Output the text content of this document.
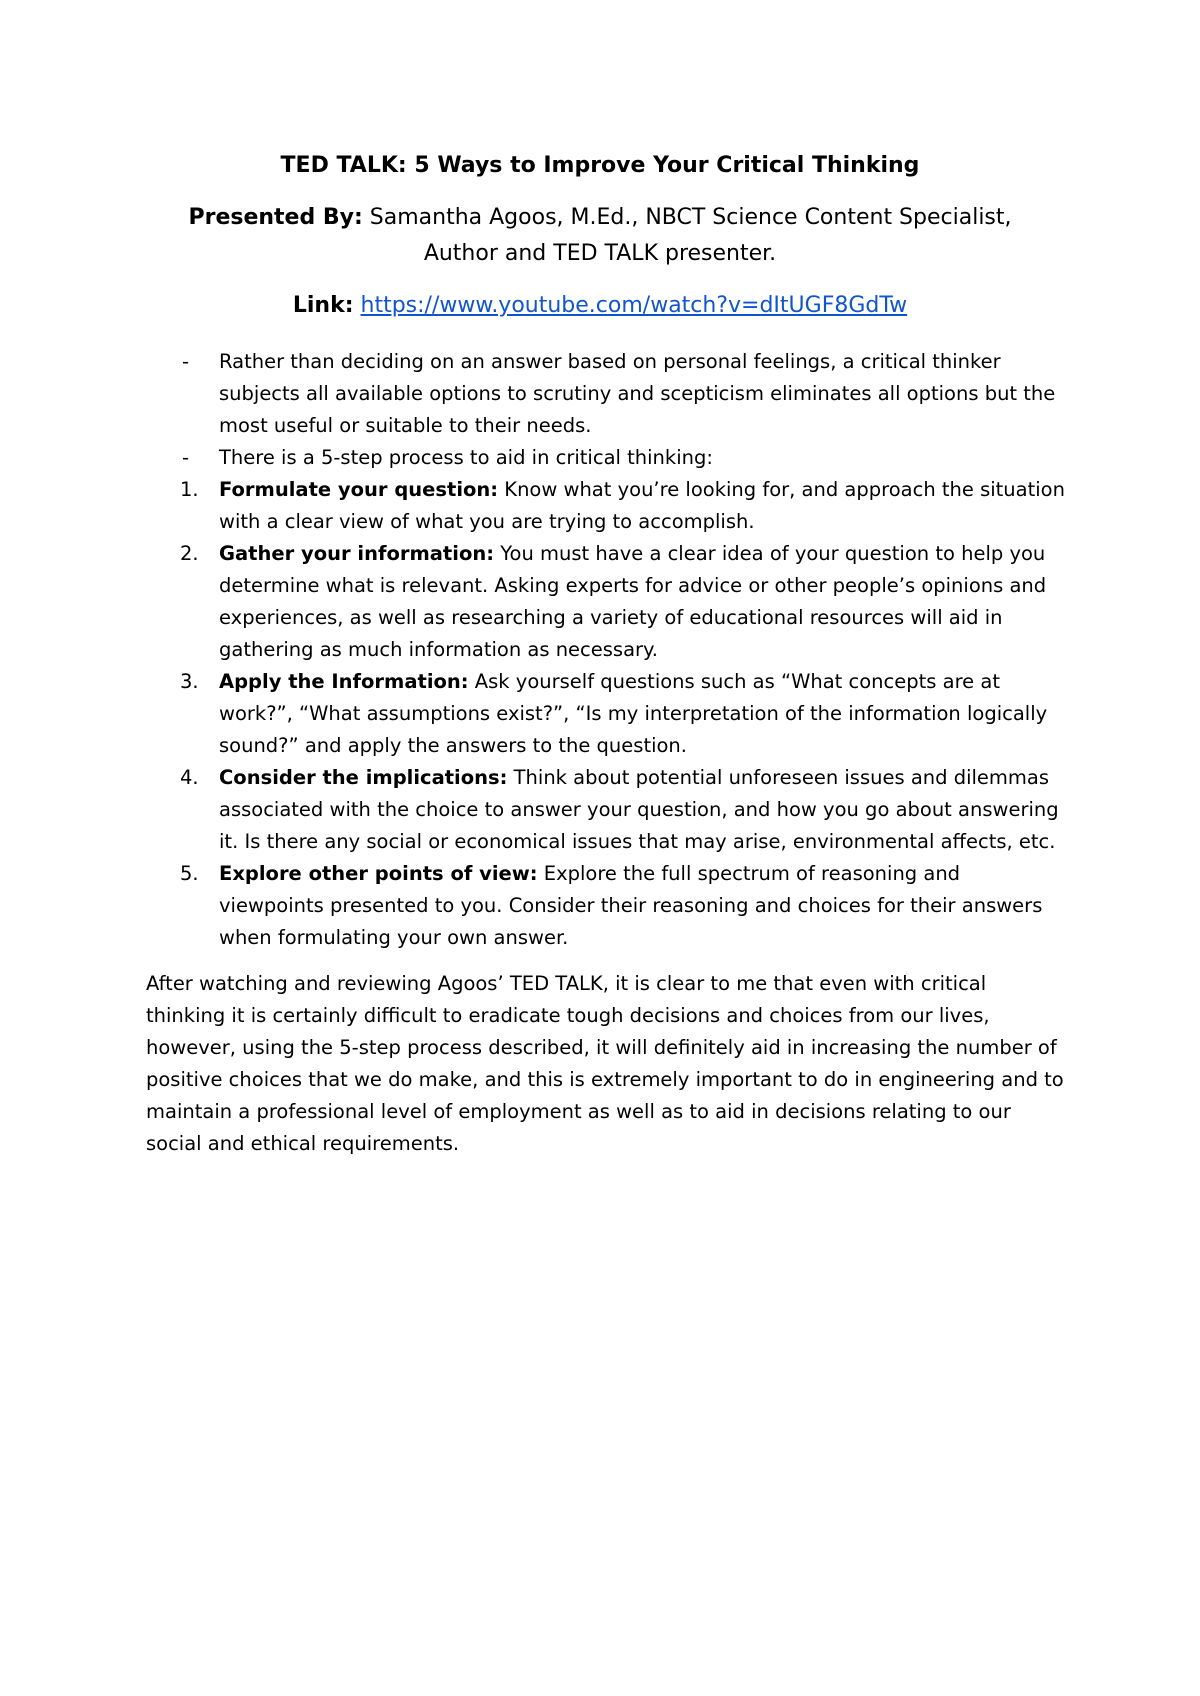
TED TALK: 5 Ways to Improve Your Critical Thinking

Presented By: Samantha Agoos, M.Ed., NBCT Science Content Specialist,
Author and TED TALK presenter.
Link: https://www.youtube.com/watch?v=dItUGF8GdTw
- Rather than deciding on an answer based on personal feelings, a critical thinker subjects all available options to scrutiny and scepticism eliminates all options but the most useful or suitable to their needs.
- There is a 5-step process to aid in critical thinking:
1. Formulate your question: Know what you’re looking for, and approach the situation with a clear view of what you are trying to accomplish.
2. Gather your information: You must have a clear idea of your question to help you determine what is relevant. Asking experts for advice or other people’s opinions and experiences, as well as researching a variety of educational resources will aid in gathering as much information as necessary.
3. Apply the Information: Ask yourself questions such as “What concepts are at work?”, “What assumptions exist?”, “Is my interpretation of the information logically sound?” and apply the answers to the question.
4. Consider the implications: Think about potential unforeseen issues and dilemmas associated with the choice to answer your question, and how you go about answering it. Is there any social or economical issues that may arise, environmental affects, etc.
5. Explore other points of view: Explore the full spectrum of reasoning and viewpoints presented to you. Consider their reasoning and choices for their answers when formulating your own answer.

After watching and reviewing Agoos’ TED TALK, it is clear to me that even with critical thinking it is certainly difficult to eradicate tough decisions and choices from our lives, however, using the 5-step process described, it will definitely aid in increasing the number of positive choices that we do make, and this is extremely important to do in engineering and to maintain a professional level of employment as well as to aid in decisions relating to our social and ethical requirements.
